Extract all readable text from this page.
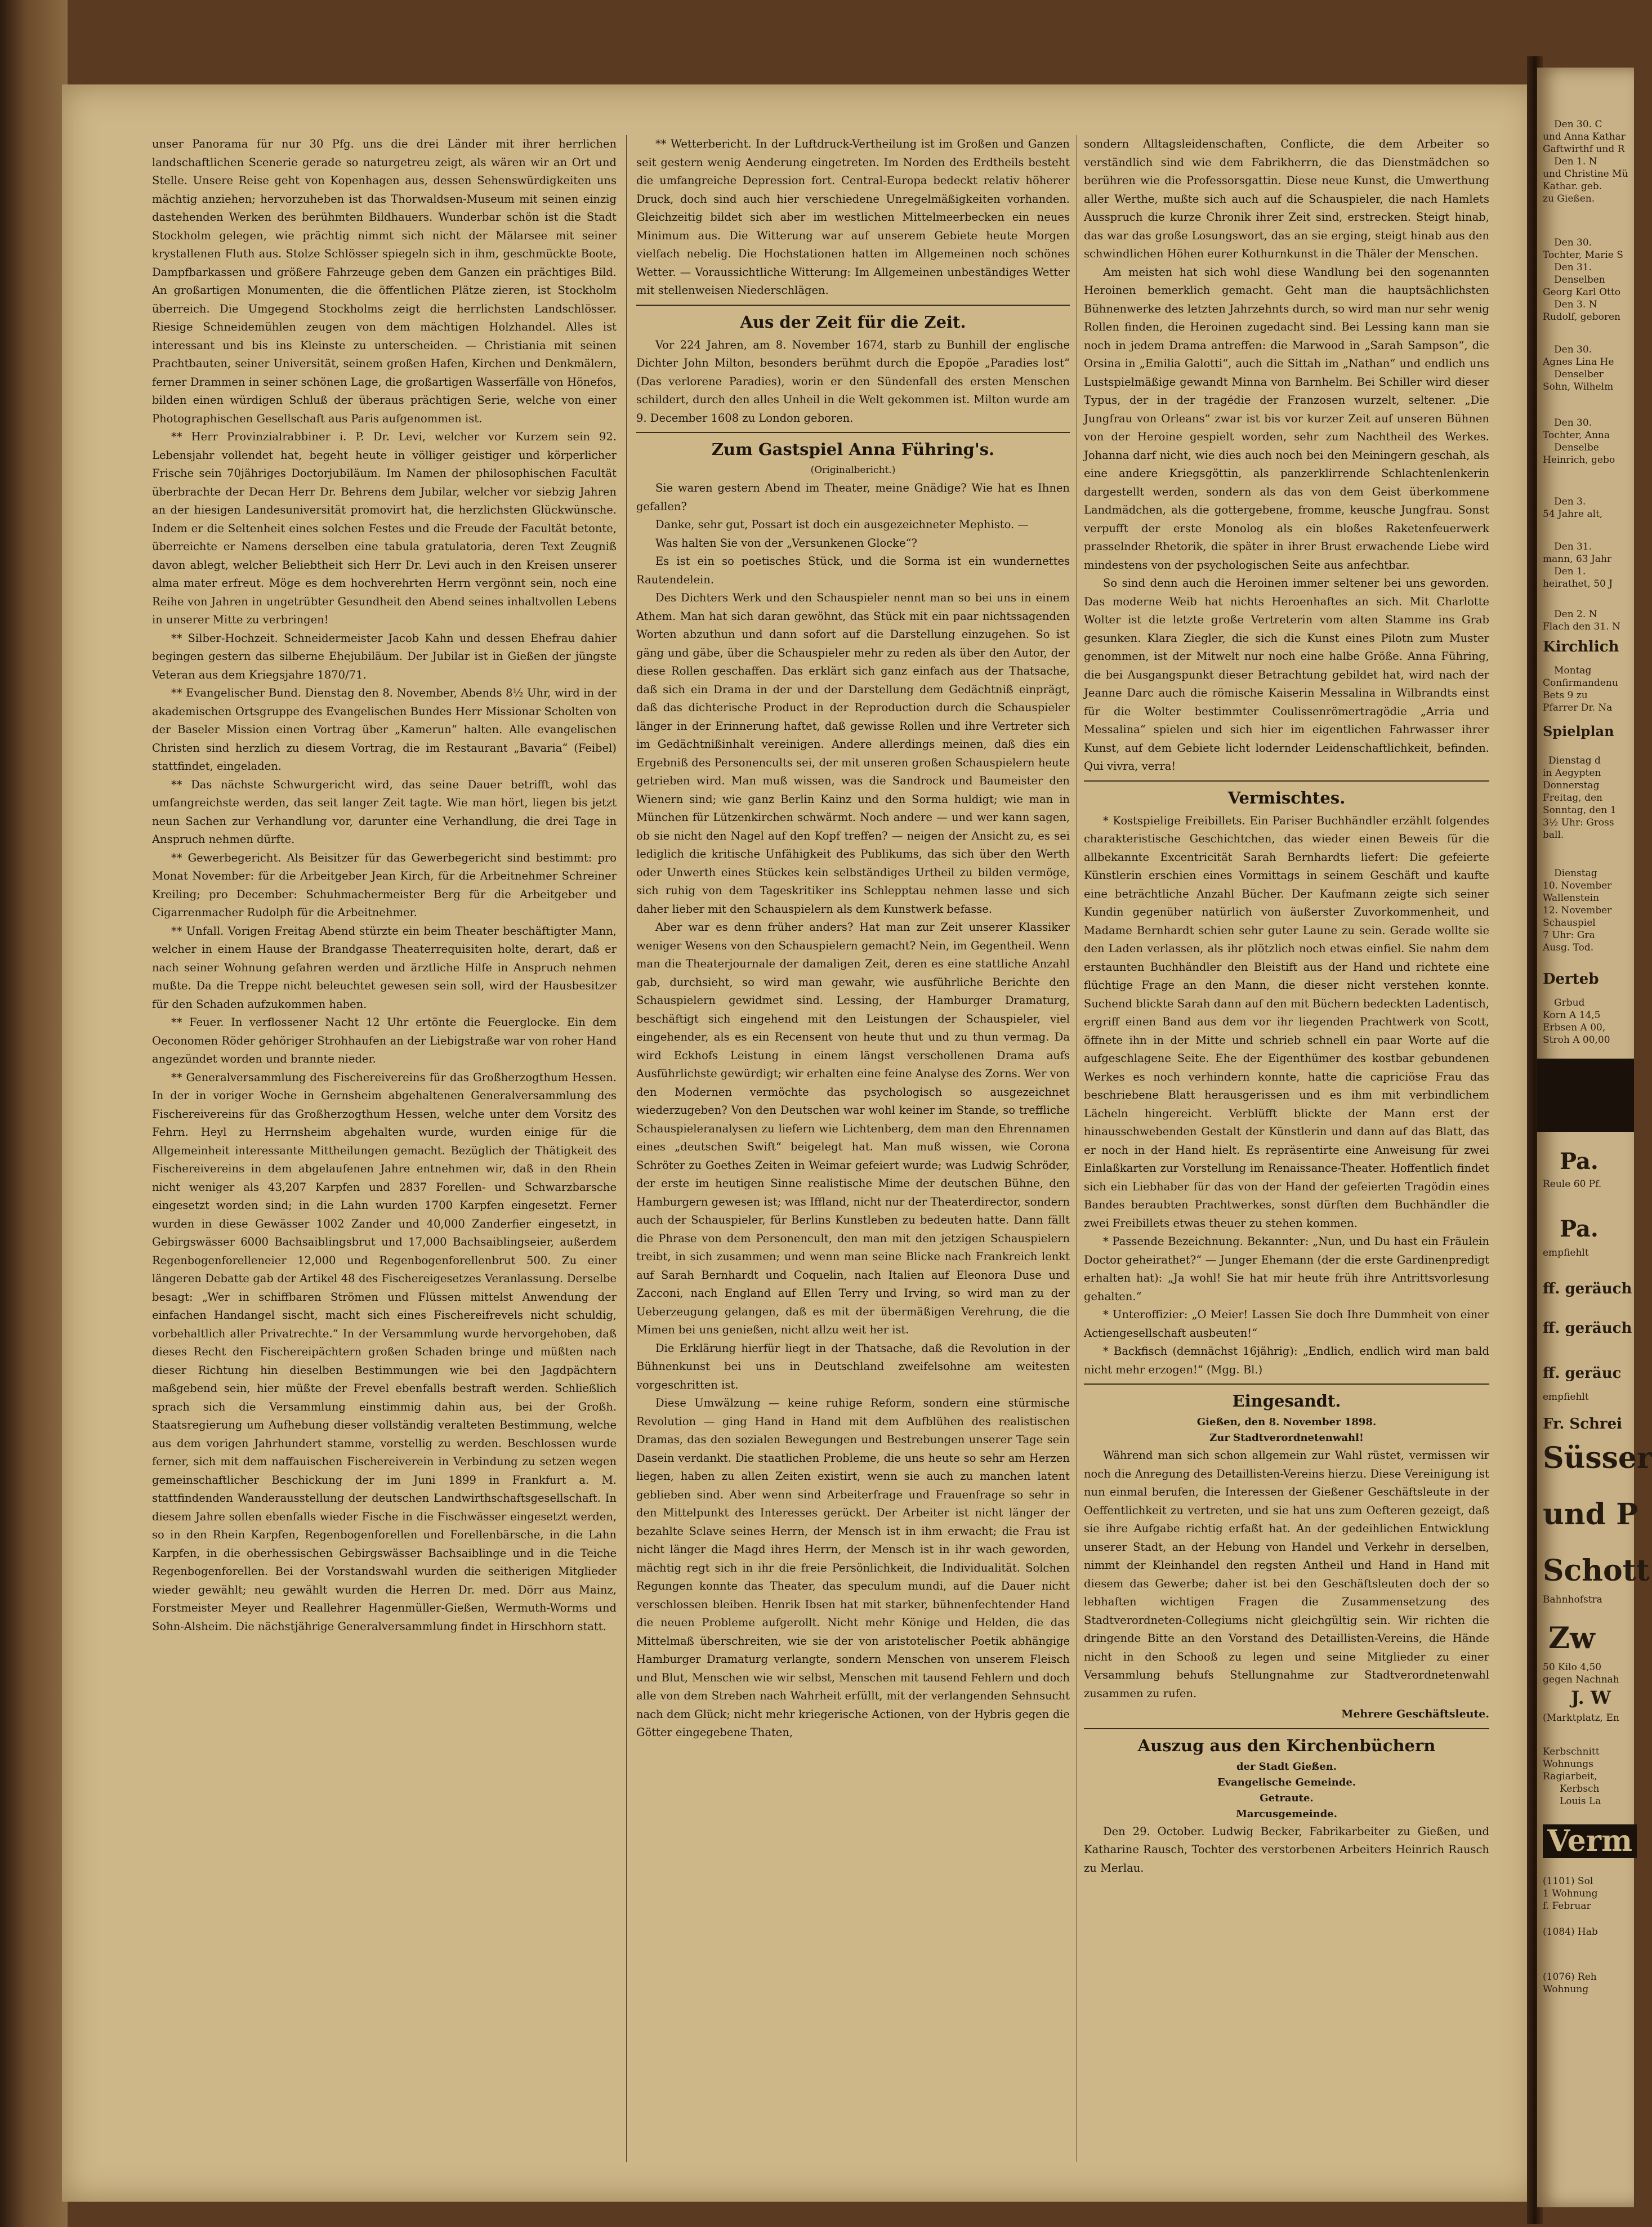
unser Panorama für nur 30 Pfg. uns die drei Länder mit ihrer herrlichen landschaftlichen Scenerie gerade so naturgetreu zeigt, als wären wir an Ort und Stelle. Unsere Reise geht von Kopenhagen aus, dessen Sehenswürdigkeiten uns mächtig anziehen; hervorzuheben ist das Thorwaldsen-Museum mit seinen einzig dastehenden Werken des berühmten Bildhauers. Wunderbar schön ist die Stadt Stockholm gelegen, wie prächtig nimmt sich nicht der Mälarsee mit seiner krystallenen Fluth aus. Stolze Schlösser spiegeln sich in ihm, geschmückte Boote, Dampfbarkassen und größere Fahrzeuge geben dem Ganzen ein prächtiges Bild. An großartigen Monumenten, die die öffentlichen Plätze zieren, ist Stockholm überreich. Die Umgegend Stockholms zeigt die herrlichsten Landschlösser. Riesige Schneidemühlen zeugen von dem mächtigen Holzhandel. Alles ist interessant und bis ins Kleinste zu unterscheiden. — Christiania mit seinen Prachtbauten, seiner Universität, seinem großen Hafen, Kirchen und Denkmälern, ferner Drammen in seiner schönen Lage, die großartigen Wasserfälle von Hönefos, bilden einen würdigen Schluß der überaus prächtigen Serie, welche von einer Photographischen Gesellschaft aus Paris aufgenommen ist.

** Herr Provinzialrabbiner i. P. Dr. Levi, welcher vor Kurzem sein 92. Lebensjahr vollendet hat, begeht heute in völliger geistiger und körperlicher Frische sein 70jähriges Doctorjubiläum. Im Namen der philosophischen Facultät überbrachte der Decan Herr Dr. Behrens dem Jubilar, welcher vor siebzig Jahren an der hiesigen Landesuniversität promovirt hat, die herzlichsten Glückwünsche. Indem er die Seltenheit eines solchen Festes und die Freude der Facultät betonte, überreichte er Namens derselben eine tabula gratulatoria, deren Text Zeugniß davon ablegt, welcher Beliebtheit sich Herr Dr. Levi auch in den Kreisen unserer alma mater erfreut. Möge es dem hochverehrten Herrn vergönnt sein, noch eine Reihe von Jahren in ungetrübter Gesundheit den Abend seines inhaltvollen Lebens in unserer Mitte zu verbringen!

** Silber-Hochzeit. Schneidermeister Jacob Kahn und dessen Ehefrau dahier begingen gestern das silberne Ehejubiläum. Der Jubilar ist in Gießen der jüngste Veteran aus dem Kriegsjahre 1870/71.

** Evangelischer Bund. Dienstag den 8. November, Abends 8½ Uhr, wird in der akademischen Ortsgruppe des Evangelischen Bundes Herr Missionar Scholten von der Baseler Mission einen Vortrag über „Kamerun“ halten. Alle evangelischen Christen sind herzlich zu diesem Vortrag, die im Restaurant „Bavaria“ (Feibel) stattfindet, eingeladen.

** Das nächste Schwurgericht wird, das seine Dauer betrifft, wohl das umfangreichste werden, das seit langer Zeit tagte. Wie man hört, liegen bis jetzt neun Sachen zur Verhandlung vor, darunter eine Verhandlung, die drei Tage in Anspruch nehmen dürfte.

** Gewerbegericht. Als Beisitzer für das Gewerbegericht sind bestimmt: pro Monat November: für die Arbeitgeber Jean Kirch, für die Arbeitnehmer Schreiner Kreiling; pro December: Schuhmachermeister Berg für die Arbeitgeber und Cigarrenmacher Rudolph für die Arbeitnehmer.

** Unfall. Vorigen Freitag Abend stürzte ein beim Theater beschäftigter Mann, welcher in einem Hause der Brandgasse Theaterrequisiten holte, derart, daß er nach seiner Wohnung gefahren werden und ärztliche Hilfe in Anspruch nehmen mußte. Da die Treppe nicht beleuchtet gewesen sein soll, wird der Hausbesitzer für den Schaden aufzukommen haben.

** Feuer. In verflossener Nacht 12 Uhr ertönte die Feuerglocke. Ein dem Oeconomen Röder gehöriger Strohhaufen an der Liebigstraße war von roher Hand angezündet worden und brannte nieder.

** Generalversammlung des Fischereivereins für das Großherzogthum Hessen. In der in voriger Woche in Gernsheim abgehaltenen Generalversammlung des Fischereivereins für das Großherzogthum Hessen, welche unter dem Vorsitz des Fehrn. Heyl zu Herrnsheim abgehalten wurde, wurden einige für die Allgemeinheit interessante Mittheilungen gemacht. Bezüglich der Thätigkeit des Fischereivereins in dem abgelaufenen Jahre entnehmen wir, daß in den Rhein nicht weniger als 43,207 Karpfen und 2837 Forellen- und Schwarzbarsche eingesetzt worden sind; in die Lahn wurden 1700 Karpfen eingesetzt. Ferner wurden in diese Gewässer 1002 Zander und 40,000 Zanderfier eingesetzt, in Gebirgswässer 6000 Bachsaiblingsbrut und 17,000 Bachsaiblingseier, außerdem Regenbogenforelleneier 12,000 und Regenbogenforellenbrut 500. Zu einer längeren Debatte gab der Artikel 48 des Fischereigesetzes Veranlassung. Derselbe besagt: „Wer in schiffbaren Strömen und Flüssen mittelst Anwendung der einfachen Handangel sischt, macht sich eines Fischereifrevels nicht schuldig, vorbehaltlich aller Privatrechte.“ In der Versammlung wurde hervorgehoben, daß dieses Recht den Fischereipächtern großen Schaden bringe und müßten nach dieser Richtung hin dieselben Bestimmungen wie bei den Jagdpächtern maßgebend sein, hier müßte der Frevel ebenfalls bestraft werden. Schließlich sprach sich die Versammlung einstimmig dahin aus, bei der Großh. Staatsregierung um Aufhebung dieser vollständig veralteten Bestimmung, welche aus dem vorigen Jahrhundert stamme, vorstellig zu werden. Beschlossen wurde ferner, sich mit dem naffauischen Fischereiverein in Verbindung zu setzen wegen gemeinschaftlicher Beschickung der im Juni 1899 in Frankfurt a. M. stattfindenden Wanderausstellung der deutschen Landwirthschaftsgesellschaft. In diesem Jahre sollen ebenfalls wieder Fische in die Fischwässer eingesetzt werden, so in den Rhein Karpfen, Regenbogenforellen und Forellenbärsche, in die Lahn Karpfen, in die oberhessischen Gebirgswässer Bachsaiblinge und in die Teiche Regenbogenforellen. Bei der Vorstandswahl wurden die seitherigen Mitglieder wieder gewählt; neu gewählt wurden die Herren Dr. med. Dörr aus Mainz, Forstmeister Meyer und Reallehrer Hagenmüller-Gießen, Wermuth-Worms und Sohn-Alsheim. Die nächstjährige Generalversammlung findet in Hirschhorn statt.

** Wetterbericht. In der Luftdruck-Vertheilung ist im Großen und Ganzen seit gestern wenig Aenderung eingetreten. Im Norden des Erdtheils besteht die umfangreiche Depression fort. Central-Europa bedeckt relativ höherer Druck, doch sind auch hier verschiedene Unregelmäßigkeiten vorhanden. Gleichzeitig bildet sich aber im westlichen Mittelmeerbecken ein neues Minimum aus. Die Witterung war auf unserem Gebiete heute Morgen vielfach nebelig. Die Hochstationen hatten im Allgemeinen noch schönes Wetter. — Voraussichtliche Witterung: Im Allgemeinen unbeständiges Wetter mit stellenweisen Niederschlägen.

Aus der Zeit für die Zeit.

Vor 224 Jahren, am 8. November 1674, starb zu Bunhill der englische Dichter John Milton, besonders berühmt durch die Epopöe „Paradies lost“ (Das verlorene Paradies), worin er den Sündenfall des ersten Menschen schildert, durch den alles Unheil in die Welt gekommen ist. Milton wurde am 9. December 1608 zu London geboren.

Zum Gastspiel Anna Führing's.
(Originalbericht.)

Sie waren gestern Abend im Theater, meine Gnädige? Wie hat es Ihnen gefallen?

Danke, sehr gut, Possart ist doch ein ausgezeichneter Mephisto. —

Was halten Sie von der „Versunkenen Glocke“?

Es ist ein so poetisches Stück, und die Sorma ist ein wundernettes Rautendelein.

Des Dichters Werk und den Schauspieler nennt man so bei uns in einem Athem. Man hat sich daran gewöhnt, das Stück mit ein paar nichtssagenden Worten abzuthun und dann sofort auf die Darstellung einzugehen. So ist gäng und gäbe, über die Schauspieler mehr zu reden als über den Autor, der diese Rollen geschaffen. Das erklärt sich ganz einfach aus der Thatsache, daß sich ein Drama in der und der Darstellung dem Gedächtniß einprägt, daß das dichterische Product in der Reproduction durch die Schauspieler länger in der Erinnerung haftet, daß gewisse Rollen und ihre Vertreter sich im Gedächtnißinhalt vereinigen. Andere allerdings meinen, daß dies ein Ergebniß des Personencults sei, der mit unseren großen Schauspielern heute getrieben wird. Man muß wissen, was die Sandrock und Baumeister den Wienern sind; wie ganz Berlin Kainz und den Sorma huldigt; wie man in München für Lützenkirchen schwärmt. Noch andere — und wer kann sagen, ob sie nicht den Nagel auf den Kopf treffen? — neigen der Ansicht zu, es sei lediglich die kritische Unfähigkeit des Publikums, das sich über den Werth oder Unwerth eines Stückes kein selbständiges Urtheil zu bilden vermöge, sich ruhig von dem Tageskritiker ins Schlepptau nehmen lasse und sich daher lieber mit den Schauspielern als dem Kunstwerk befasse.

Aber war es denn früher anders? Hat man zur Zeit unserer Klassiker weniger Wesens von den Schauspielern gemacht? Nein, im Gegentheil. Wenn man die Theaterjournale der damaligen Zeit, deren es eine stattliche Anzahl gab, durchsieht, so wird man gewahr, wie ausführliche Berichte den Schauspielern gewidmet sind. Lessing, der Hamburger Dramaturg, beschäftigt sich eingehend mit den Leistungen der Schauspieler, viel eingehender, als es ein Recensent von heute thut und zu thun vermag. Da wird Eckhofs Leistung in einem längst verschollenen Drama aufs Ausführlichste gewürdigt; wir erhalten eine feine Analyse des Zorns. Wer von den Modernen vermöchte das psychologisch so ausgezeichnet wiederzugeben? Von den Deutschen war wohl keiner im Stande, so treffliche Schauspieleranalysen zu liefern wie Lichtenberg, dem man den Ehrennamen eines „deutschen Swift“ beigelegt hat. Man muß wissen, wie Corona Schröter zu Goethes Zeiten in Weimar gefeiert wurde; was Ludwig Schröder, der erste im heutigen Sinne realistische Mime der deutschen Bühne, den Hamburgern gewesen ist; was Iffland, nicht nur der Theaterdirector, sondern auch der Schauspieler, für Berlins Kunstleben zu bedeuten hatte. Dann fällt die Phrase von dem Personencult, den man mit den jetzigen Schauspielern treibt, in sich zusammen; und wenn man seine Blicke nach Frankreich lenkt auf Sarah Bernhardt und Coquelin, nach Italien auf Eleonora Duse und Zacconi, nach England auf Ellen Terry und Irving, so wird man zu der Ueberzeugung gelangen, daß es mit der übermäßigen Verehrung, die die Mimen bei uns genießen, nicht allzu weit her ist.

Die Erklärung hierfür liegt in der Thatsache, daß die Revolution in der Bühnenkunst bei uns in Deutschland zweifelsohne am weitesten vorgeschritten ist.

Diese Umwälzung — keine ruhige Reform, sondern eine stürmische Revolution — ging Hand in Hand mit dem Aufblühen des realistischen Dramas, das den sozialen Bewegungen und Bestrebungen unserer Tage sein Dasein verdankt. Die staatlichen Probleme, die uns heute so sehr am Herzen liegen, haben zu allen Zeiten existirt, wenn sie auch zu manchen latent geblieben sind. Aber wenn sind Arbeiterfrage und Frauenfrage so sehr in den Mittelpunkt des Interesses gerückt. Der Arbeiter ist nicht länger der bezahlte Sclave seines Herrn, der Mensch ist in ihm erwacht; die Frau ist nicht länger die Magd ihres Herrn, der Mensch ist in ihr wach geworden, mächtig regt sich in ihr die freie Persönlichkeit, die Individualität. Solchen Regungen konnte das Theater, das speculum mundi, auf die Dauer nicht verschlossen bleiben. Henrik Ibsen hat mit starker, bühnenfechtender Hand die neuen Probleme aufgerollt. Nicht mehr Könige und Helden, die das Mittelmaß überschreiten, wie sie der von aristotelischer Poetik abhängige Hamburger Dramaturg verlangte, sondern Menschen von unserem Fleisch und Blut, Menschen wie wir selbst, Menschen mit tausend Fehlern und doch alle von dem Streben nach Wahrheit erfüllt, mit der verlangenden Sehnsucht nach dem Glück; nicht mehr kriegerische Actionen, von der Hybris gegen die Götter eingegebene Thaten,

sondern Alltagsleidenschaften, Conflicte, die dem Arbeiter so verständlich sind wie dem Fabrikherrn, die das Dienstmädchen so berühren wie die Professorsgattin. Diese neue Kunst, die Umwerthung aller Werthe, mußte sich auch auf die Schauspieler, die nach Hamlets Ausspruch die kurze Chronik ihrer Zeit sind, erstrecken. Steigt hinab, das war das große Losungswort, das an sie erging, steigt hinab aus den schwindlichen Höhen eurer Kothurnkunst in die Thäler der Menschen.

Am meisten hat sich wohl diese Wandlung bei den sogenannten Heroinen bemerklich gemacht. Geht man die hauptsächlichsten Bühnenwerke des letzten Jahrzehnts durch, so wird man nur sehr wenig Rollen finden, die Heroinen zugedacht sind. Bei Lessing kann man sie noch in jedem Drama antreffen: die Marwood in „Sarah Sampson“, die Orsina in „Emilia Galotti“, auch die Sittah im „Nathan“ und endlich uns Lustspielmäßige gewandt Minna von Barnhelm. Bei Schiller wird dieser Typus, der in der tragédie der Franzosen wurzelt, seltener. „Die Jungfrau von Orleans“ zwar ist bis vor kurzer Zeit auf unseren Bühnen von der Heroine gespielt worden, sehr zum Nachtheil des Werkes. Johanna darf nicht, wie dies auch noch bei den Meiningern geschah, als eine andere Kriegsgöttin, als panzerklirrende Schlachtenlenkerin dargestellt werden, sondern als das von dem Geist überkommene Landmädchen, als die gottergebene, fromme, keusche Jungfrau. Sonst verpufft der erste Monolog als ein bloßes Raketenfeuerwerk prasselnder Rhetorik, die später in ihrer Brust erwachende Liebe wird mindestens von der psychologischen Seite aus anfechtbar.

So sind denn auch die Heroinen immer seltener bei uns geworden. Das moderne Weib hat nichts Heroenhaftes an sich. Mit Charlotte Wolter ist die letzte große Vertreterin vom alten Stamme ins Grab gesunken. Klara Ziegler, die sich die Kunst eines Pilotn zum Muster genommen, ist der Mitwelt nur noch eine halbe Größe. Anna Führing, die bei Ausgangspunkt dieser Betrachtung gebildet hat, wird nach der Jeanne Darc auch die römische Kaiserin Messalina in Wilbrandts einst für die Wolter bestimmter Coulissenrömertragödie „Arria und Messalina“ spielen und sich hier im eigentlichen Fahrwasser ihrer Kunst, auf dem Gebiete licht lodernder Leidenschaftlichkeit, befinden. Qui vivra, verra!

Vermischtes.

* Kostspielige Freibillets. Ein Pariser Buchhändler erzählt folgendes charakteristische Geschichtchen, das wieder einen Beweis für die allbekannte Excentricität Sarah Bernhardts liefert: Die gefeierte Künstlerin erschien eines Vormittags in seinem Geschäft und kaufte eine beträchtliche Anzahl Bücher. Der Kaufmann zeigte sich seiner Kundin gegenüber natürlich von äußerster Zuvorkommenheit, und Madame Bernhardt schien sehr guter Laune zu sein. Gerade wollte sie den Laden verlassen, als ihr plötzlich noch etwas einfiel. Sie nahm dem erstaunten Buchhändler den Bleistift aus der Hand und richtete eine flüchtige Frage an den Mann, die dieser nicht verstehen konnte. Suchend blickte Sarah dann auf den mit Büchern bedeckten Ladentisch, ergriff einen Band aus dem vor ihr liegenden Prachtwerk von Scott, öffnete ihn in der Mitte und schrieb schnell ein paar Worte auf die aufgeschlagene Seite. Ehe der Eigenthümer des kostbar gebundenen Werkes es noch verhindern konnte, hatte die capriciöse Frau das beschriebene Blatt herausgerissen und es ihm mit verbindlichem Lächeln hingereicht. Verblüfft blickte der Mann erst der hinausschwebenden Gestalt der Künstlerin und dann auf das Blatt, das er noch in der Hand hielt. Es repräsentirte eine Anweisung für zwei Einlaßkarten zur Vorstellung im Renaissance-Theater. Hoffentlich findet sich ein Liebhaber für das von der Hand der gefeierten Tragödin eines Bandes beraubten Prachtwerkes, sonst dürften dem Buchhändler die zwei Freibillets etwas theuer zu stehen kommen.

* Passende Bezeichnung. Bekannter: „Nun, und Du hast ein Fräulein Doctor geheirathet?“ — Junger Ehemann (der die erste Gardinenpredigt erhalten hat): „Ja wohl! Sie hat mir heute früh ihre Antrittsvorlesung gehalten.“

* Unteroffizier: „O Meier! Lassen Sie doch Ihre Dummheit von einer Actiengesellschaft ausbeuten!“

* Backfisch (demnächst 16jährig): „Endlich, endlich wird man bald nicht mehr erzogen!“ (Mgg. Bl.)

Eingesandt.
Gießen, den 8. November 1898.
Zur Stadtverordnetenwahl!

Während man sich schon allgemein zur Wahl rüstet, vermissen wir noch die Anregung des Detaillisten-Vereins hierzu. Diese Vereinigung ist nun einmal berufen, die Interessen der Gießener Geschäftsleute in der Oeffentlichkeit zu vertreten, und sie hat uns zum Oefteren gezeigt, daß sie ihre Aufgabe richtig erfaßt hat. An der gedeihlichen Entwicklung unserer Stadt, an der Hebung von Handel und Verkehr in derselben, nimmt der Kleinhandel den regsten Antheil und Hand in Hand mit diesem das Gewerbe; daher ist bei den Geschäftsleuten doch der so lebhaften wichtigen Fragen die Zusammensetzung des Stadtverordneten-Collegiums nicht gleichgültig sein. Wir richten die dringende Bitte an den Vorstand des Detaillisten-Vereins, die Hände nicht in den Schooß zu legen und seine Mitglieder zu einer Versammlung behufs Stellungnahme zur Stadtverordnetenwahl zusammen zu rufen.

Mehrere Geschäftsleute.
Auszug aus den Kirchenbüchern
der Stadt Gießen.
Evangelische Gemeinde.
Getraute.
Marcusgemeinde.

Den 29. October. Ludwig Becker, Fabrikarbeiter zu Gießen, und Katharine Rausch, Tochter des verstorbenen Arbeiters Heinrich Rausch zu Merlau.

Den 30. C
und Anna Kathar
Gaftwirthf und R
Den 1. N
und Christine Mü
Kathar. geb.
zu Gießen.
Den 30.
Tochter, Marie S
Den 31.
Denselben
Georg Karl Otto
Den 3. N
Rudolf, geboren
Den 30.
Agnes Lina He
Denselber
Sohn, Wilhelm
Den 30.
Tochter, Anna
Denselbe
Heinrich, gebo
Den 3.
54 Jahre alt,
Den 31.
mann, 63 Jahr
Den 1.
heirathet, 50 J
Den 2. N
Flach den 31. N
Kirchlich
Montag
Confirmandenu
Bets 9 zu
Pfarrer Dr. Na
Spielplan
Dienstag d
in Aegypten
Donnerstag
Freitag, den
Sonntag, den 1
3½ Uhr: Gross
ball.
Dienstag
10. November
Wallenstein
12. November
Schauspiel
7 Uhr: Gra
Ausg. Tod.
Derteb
Grbud
Korn A 14,5
Erbsen A 00,
Stroh A 00,00
Pa.
Reule 60 Pf.
Pa.
empfiehlt
ff. geräuch
ff. geräuch
ff. geräuc
empfiehlt
Fr. Schrei
Süsser
und P
Schott
Bahnhofstra
Zw
50 Kilo 4,50
gegen Nachnah
J. W
(Marktplatz, En
Kerbschnitt
Wohnungs
Ragiarbeit,
Kerbsch
Louis La
Verm
(1101) Sol
1 Wohnung
f. Februar
(1084) Hab
(1076) Reh
Wohnung
